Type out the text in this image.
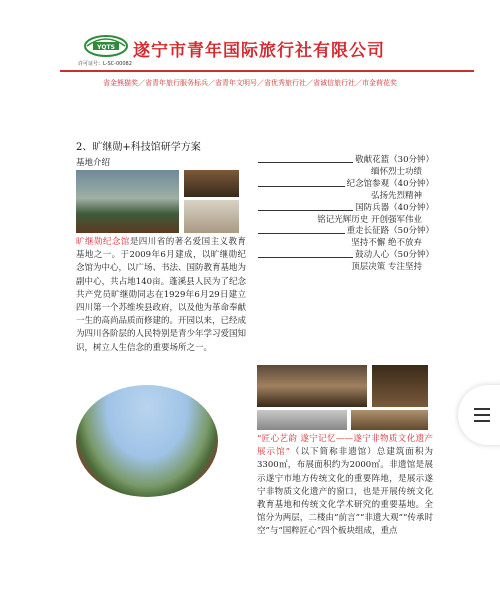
YQTS 遂宁市青年国际旅行社有限公司
许可证号：L-SC-00082
省金熊猫奖／省青年旅行服务标兵／省青年文明号／省优秀旅行社／省诚信旅行社／市金荷花奖
2、旷继勋+科技馆研学方案
基地介绍
旷继勋纪念馆是四川省的著名爱国主义教育基地之一。于2009年6月建成，以旷继勋纪念馆为中心，以广场、书法、国防教育基地为副中心，共占地140亩。蓬溪县人民为了纪念共产党员旷继勋同志在1929年6月29日建立四川第一个苏维埃县政府，以及他为革命奉献一生的高尚品质而修建的。开园以来，已经成为四川各阶层的人民特别是青少年学习爱国知识，树立人生信念的重要场所之一。
敬献花篮（30分钟）
缅怀烈士功绩
纪念馆参观（40分钟）
弘扬先烈精神
国防兵器（40分钟）
铭记光辉历史 开创强军伟业
重走长征路（50分钟）
坚持不懈 绝不放弃
鼓动人心（50分钟）
顶层决策 专注坚持
“匠心艺韵 遂宁记忆——遂宁非物质文化遗产展示馆”（以下简称非遗馆）总建筑面积为3300㎡，布展面积约为2000㎡。非遗馆是展示遂宁市地方传统文化的重要阵地，是展示遂宁非物质文化遗产的窗口，也是开展传统文化教育基地和传统文化学术研究的重要基地。全馆分为两层，二楼由“前言”“非遗大观”“传承时空”与“国粹匠心”四个板块组成，重点
